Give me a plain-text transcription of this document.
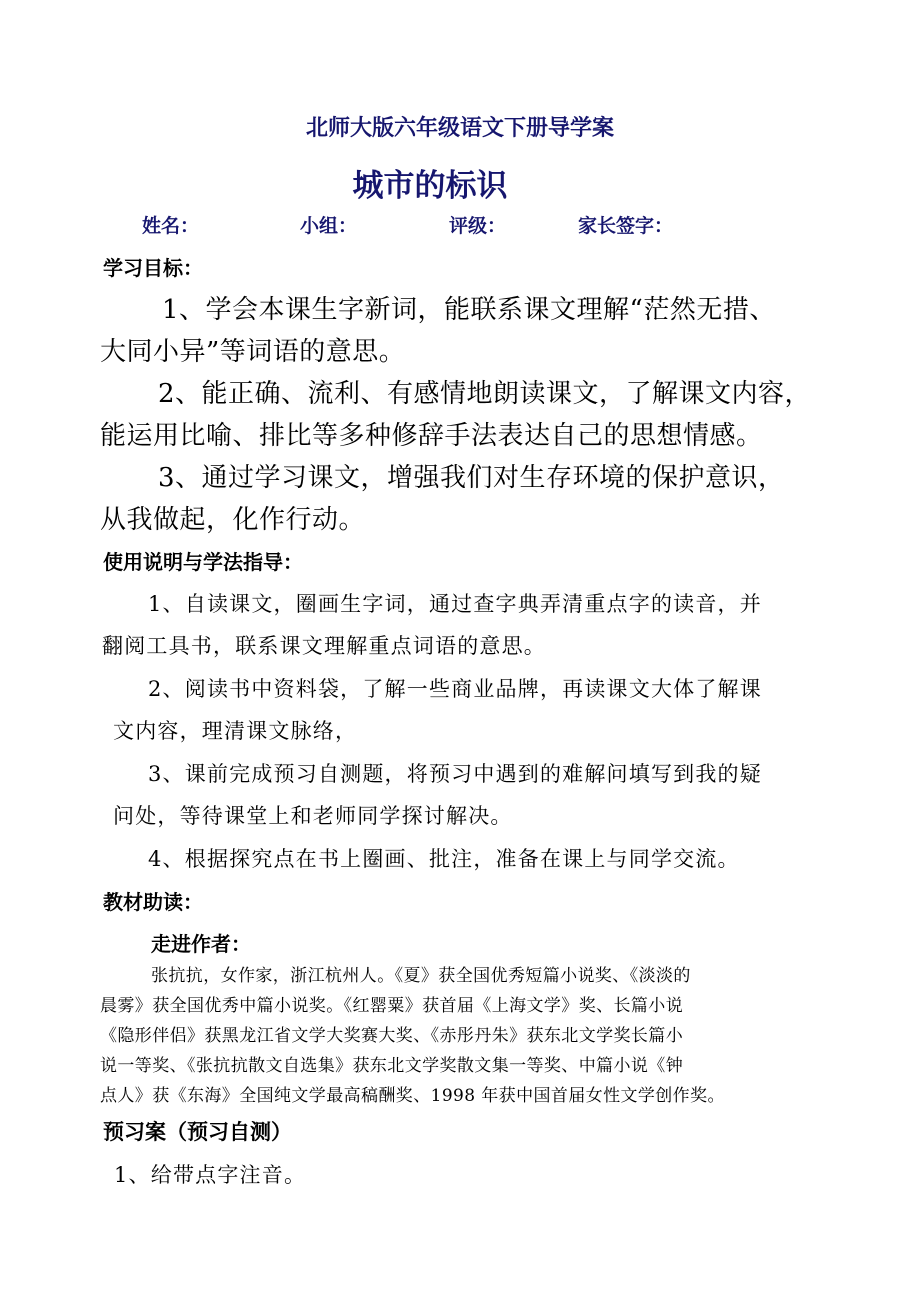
北师大版六年级语文下册导学案
城市的标识
姓名：	小组：	评级：	家长签字：
学习目标：
1、学会本课生字新词，能联系课文理解“茫然无措、
大同小异”等词语的意思。
2、能正确、流利、有感情地朗读课文，了解课文内容，
能运用比喻、排比等多种修辞手法表达自己的思想情感。
3、通过学习课文，增强我们对生存环境的保护意识，
从我做起，化作行动。
使用说明与学法指导：
1、自读课文，圈画生字词，通过查字典弄清重点字的读音，并
翻阅工具书，联系课文理解重点词语的意思。
2、阅读书中资料袋，了解一些商业品牌，再读课文大体了解课
文内容，理清课文脉络，
3、课前完成预习自测题，将预习中遇到的难解问填写到我的疑
问处，等待课堂上和老师同学探讨解决。
4、根据探究点在书上圈画、批注，准备在课上与同学交流。
教材助读：
走进作者：
张抗抗，女作家，浙江杭州人。《夏》获全国优秀短篇小说奖、《淡淡的
晨雾》获全国优秀中篇小说奖。《红罂粟》获首届《上海文学》奖、长篇小说
《隐形伴侣》获黑龙江省文学大奖赛大奖、《赤彤丹朱》获东北文学奖长篇小
说一等奖、《张抗抗散文自选集》获东北文学奖散文集一等奖、中篇小说《钟
点人》获《东海》全国纯文学最高稿酬奖、1998 年获中国首届女性文学创作奖。
预习案（预习自测）
1、给带点字注音。
